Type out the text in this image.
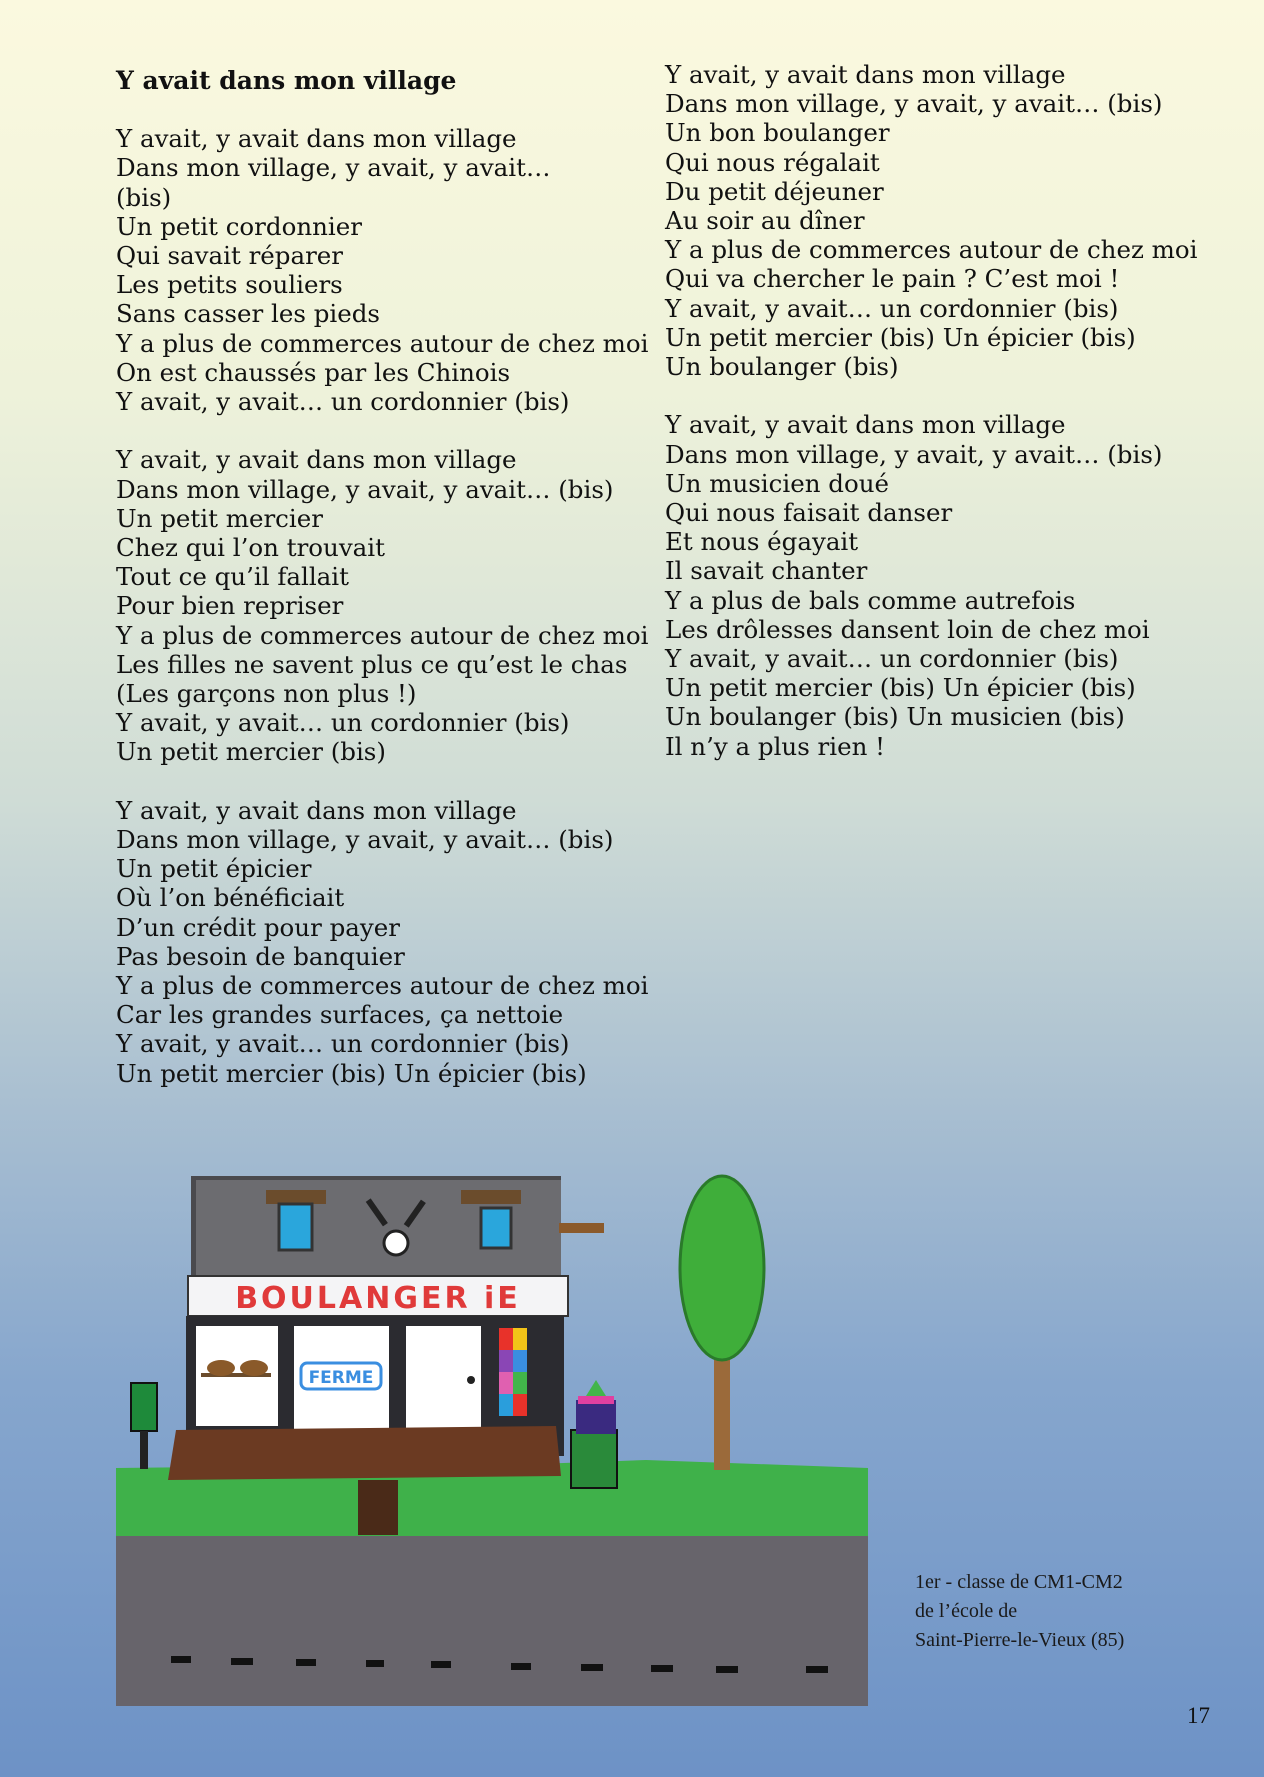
Y avait dans mon village
Y avait, y avait dans mon village
Dans mon village, y avait, y avait…
(bis)
Un petit cordonnier
Qui savait réparer
Les petits souliers
Sans casser les pieds
Y a plus de commerces autour de chez moi
On est chaussés par les Chinois
Y avait, y avait… un cordonnier (bis)
Y avait, y avait dans mon village
Dans mon village, y avait, y avait… (bis)
Un petit mercier
Chez qui l’on trouvait
Tout ce qu’il fallait
Pour bien repriser
Y a plus de commerces autour de chez moi
Les filles ne savent plus ce qu’est le chas
(Les garçons non plus !)
Y avait, y avait… un cordonnier (bis)
Un petit mercier (bis)
Y avait, y avait dans mon village
Dans mon village, y avait, y avait… (bis)
Un petit épicier
Où l’on bénéficiait
D’un crédit pour payer
Pas besoin de banquier
Y a plus de commerces autour de chez moi
Car les grandes surfaces, ça nettoie
Y avait, y avait… un cordonnier (bis)
Un petit mercier (bis) Un épicier (bis)
Y avait, y avait dans mon village
Dans mon village, y avait, y avait… (bis)
Un bon boulanger
Qui nous régalait
Du petit déjeuner
Au soir au dîner
Y a plus de commerces autour de chez moi
Qui va chercher le pain ? C’est moi !
Y avait, y avait… un cordonnier (bis)
Un petit mercier (bis) Un épicier (bis)
Un boulanger (bis)
Y avait, y avait dans mon village
Dans mon village, y avait, y avait… (bis)
Un musicien doué
Qui nous faisait danser
Et nous égayait
Il savait chanter
Y a plus de bals comme autrefois
Les drôlesses dansent loin de chez moi
Y avait, y avait… un cordonnier (bis)
Un petit mercier (bis) Un épicier (bis)
Un boulanger (bis) Un musicien (bis)
Il n’y a plus rien !
BOULANGER iE
FERME
1er - classe de CM1-CM2
de l’école de
Saint-Pierre-le-Vieux (85)
17
